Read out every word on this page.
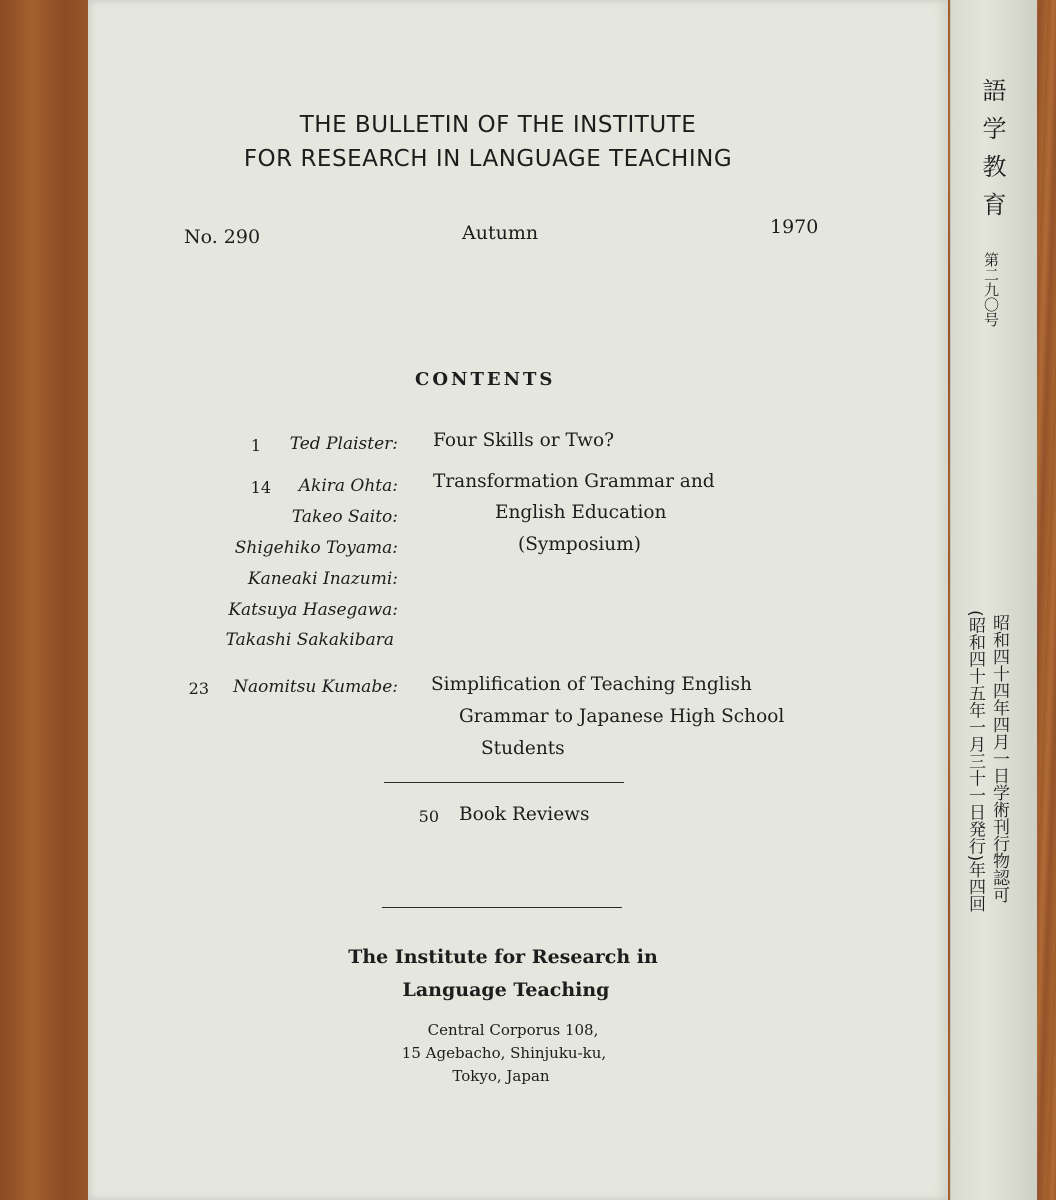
THE BULLETIN OF THE INSTITUTE
FOR RESEARCH IN LANGUAGE TEACHING
No. 290	Autumn	1970
CONTENTS
1	Ted Plaister: Four Skills or Two?
14	Akira Ohta:
Takeo Saito:
Shigehiko Toyama:
Kaneaki Inazumi:
Katsuya Hasegawa:
Takashi Sakakibara
Transformation Grammar and
English Education
(Symposium)
23	Naomitsu Kumabe: Simplification of Teaching English
Grammar to Japanese High School
Students
50 Book Reviews
The Institute for Research in
Language Teaching
Central Corporus 108,
15 Agebacho, Shinjuku-ku,
Tokyo, Japan
語学教育
第二九〇号
昭和四十四年四月一日学術刊行物認可
(昭和四十五年一月三十一日発行)年四回
